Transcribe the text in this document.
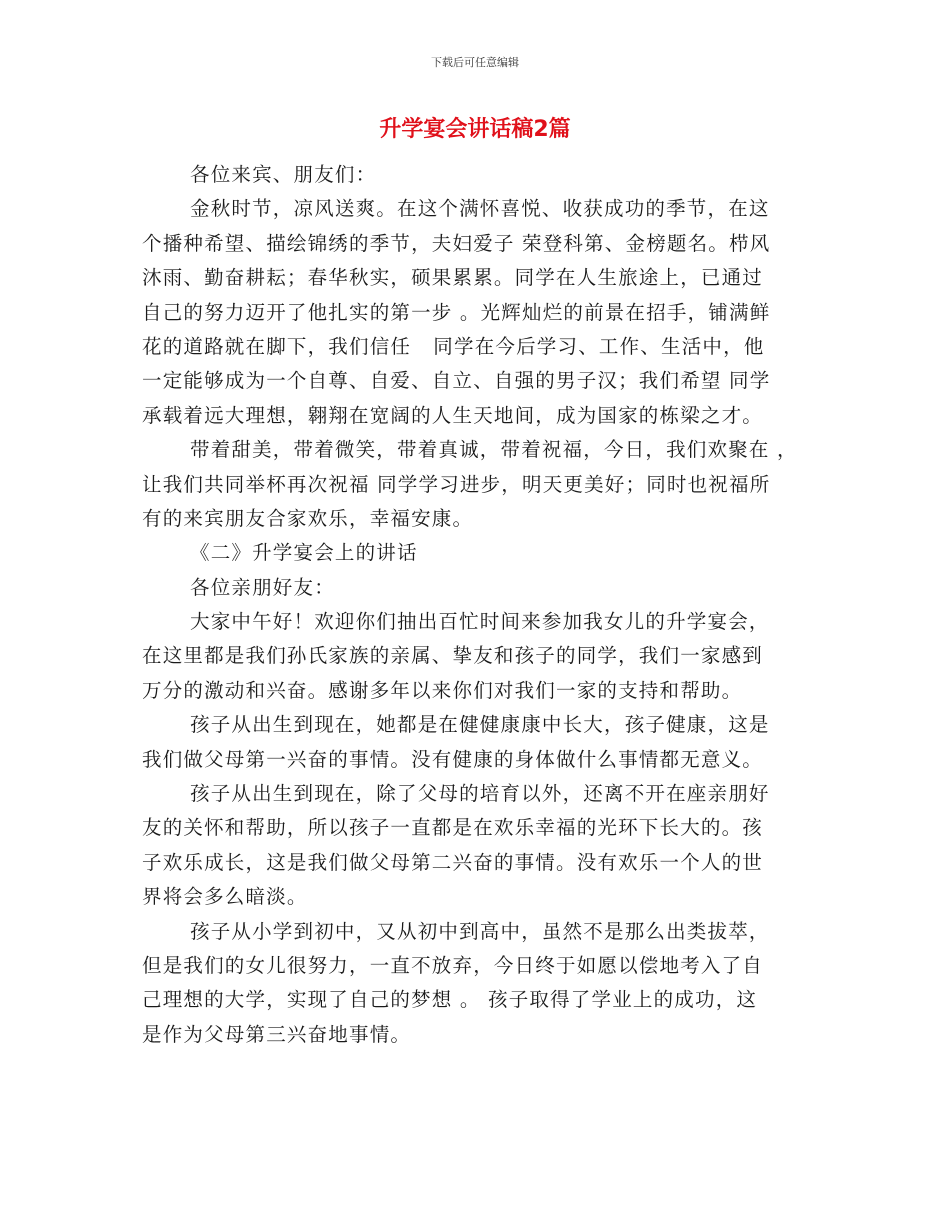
下载后可任意编辑
升学宴会讲话稿2篇
各位来宾、朋友们：
金秋时节，凉风送爽。在这个满怀喜悦、收获成功的季节，在这
个播种希望、描绘锦绣的季节，夫妇爱子 荣登科第、金榜题名。栉风
沐雨、勤奋耕耘；春华秋实，硕果累累。同学在人生旅途上，已通过
自己的努力迈开了他扎实的第一步 。光辉灿烂的前景在招手，铺满鲜
花的道路就在脚下，我们信任   同学在今后学习、工作、生活中，他
一定能够成为一个自尊、自爱、自立、自强的男子汉；我们希望 同学
承载着远大理想，翱翔在宽阔的人生天地间，成为国家的栋梁之才。
带着甜美，带着微笑，带着真诚，带着祝福，今日，我们欢聚在 ，
让我们共同举杯再次祝福 同学学习进步，明天更美好；同时也祝福所
有的来宾朋友合家欢乐，幸福安康。
《二》升学宴会上的讲话
各位亲朋好友：
大家中午好！欢迎你们抽出百忙时间来参加我女儿的升学宴会，
在这里都是我们孙氏家族的亲属、挚友和孩子的同学，我们一家感到
万分的激动和兴奋。感谢多年以来你们对我们一家的支持和帮助。
孩子从出生到现在，她都是在健健康康中长大，孩子健康，这是
我们做父母第一兴奋的事情。没有健康的身体做什么事情都无意义。
孩子从出生到现在，除了父母的培育以外，还离不开在座亲朋好
友的关怀和帮助，所以孩子一直都是在欢乐幸福的光环下长大的。孩
子欢乐成长，这是我们做父母第二兴奋的事情。没有欢乐一个人的世
界将会多么暗淡。
孩子从小学到初中，又从初中到高中，虽然不是那么出类拔萃，
但是我们的女儿很努力，一直不放弃，今日终于如愿以偿地考入了自
己理想的大学，实现了自己的梦想 。 孩子取得了学业上的成功，这
是作为父母第三兴奋地事情。
